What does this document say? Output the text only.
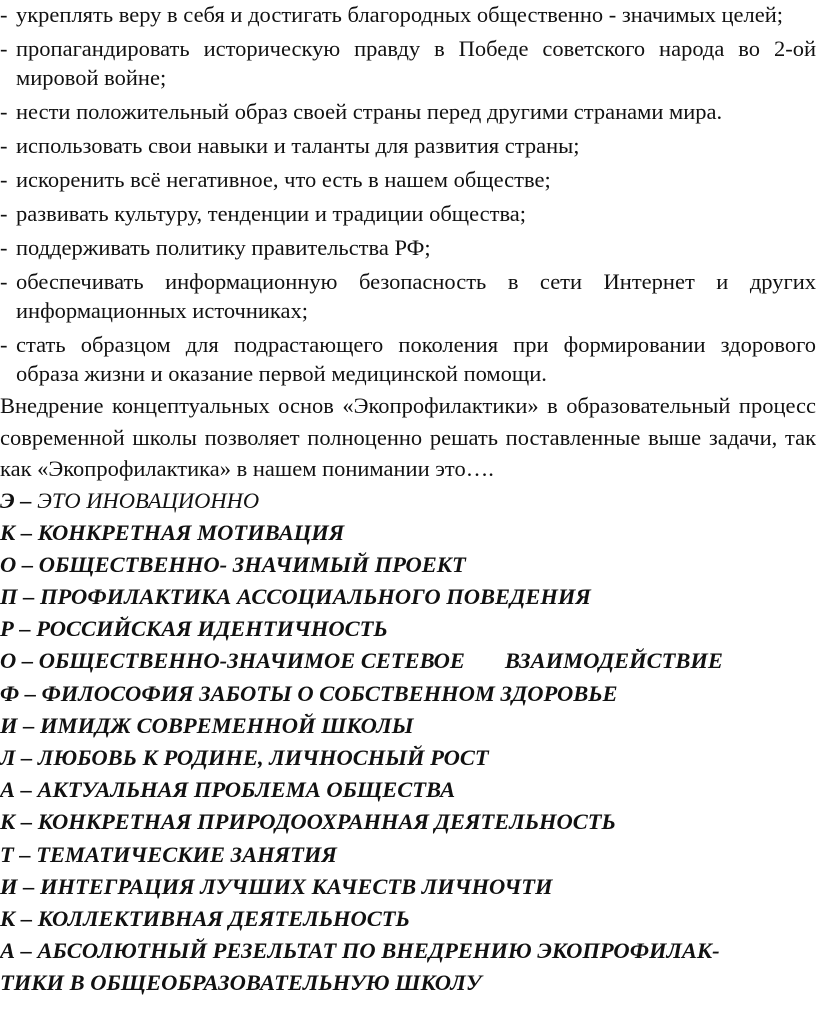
- укреплять веру в себя и достигать благородных общественно - значимых целей;
- пропагандировать историческую правду в Победе советского народа во 2-ой мировой войне;
- нести положительный образ своей страны перед другими странами мира.
- использовать свои навыки и таланты для развития страны;
- искоренить всё негативное, что есть в нашем обществе;
- развивать культуру, тенденции и традиции общества;
- поддерживать политику правительства РФ;
- обеспечивать информационную безопасность в сети Интернет и других информационных источниках;
- стать образцом для подрастающего поколения при формировании здорового образа жизни и оказание первой медицинской помощи.

Внедрение концептуальных основ «Экопрофилактики» в образовательный процесс современной школы позволяет полноценно решать поставленные выше задачи, так как «Экопрофилактика» в нашем понимании это….

Э – ЭТО ИНОВАЦИОННО
К – КОНКРЕТНАЯ МОТИВАЦИЯ
О – ОБЩЕСТВЕННО- ЗНАЧИМЫЙ ПРОЕКТ
П – ПРОФИЛАКТИКА АССОЦИАЛЬНОГО ПОВЕДЕНИЯ
Р – РОССИЙСКАЯ ИДЕНТИЧНОСТЬ
О – ОБЩЕСТВЕННО-ЗНАЧИМОЕ СЕТЕВОЕ ВЗАИМОДЕЙСТВИЕ
Ф – ФИЛОСОФИЯ ЗАБОТЫ О СОБСТВЕННОМ ЗДОРОВЬЕ
И – ИМИДЖ СОВРЕМЕННОЙ ШКОЛЫ
Л – ЛЮБОВЬ К РОДИНЕ, ЛИЧНОСНЫЙ РОСТ
А – АКТУАЛЬНАЯ ПРОБЛЕМА ОБЩЕСТВА
К – КОНКРЕТНАЯ ПРИРОДООХРАННАЯ ДЕЯТЕЛЬНОСТЬ
Т – ТЕМАТИЧЕСКИЕ ЗАНЯТИЯ
И – ИНТЕГРАЦИЯ ЛУЧШИХ КАЧЕСТВ ЛИЧНОЧТИ
К – КОЛЛЕКТИВНАЯ ДЕЯТЕЛЬНОСТЬ
А – АБСОЛЮТНЫЙ РЕЗЕЛЬТАТ ПО ВНЕДРЕНИЮ ЭКОПРОФИЛАК-
ТИКИ В ОБЩЕОБРАЗОВАТЕЛЬНУЮ ШКОЛУ
